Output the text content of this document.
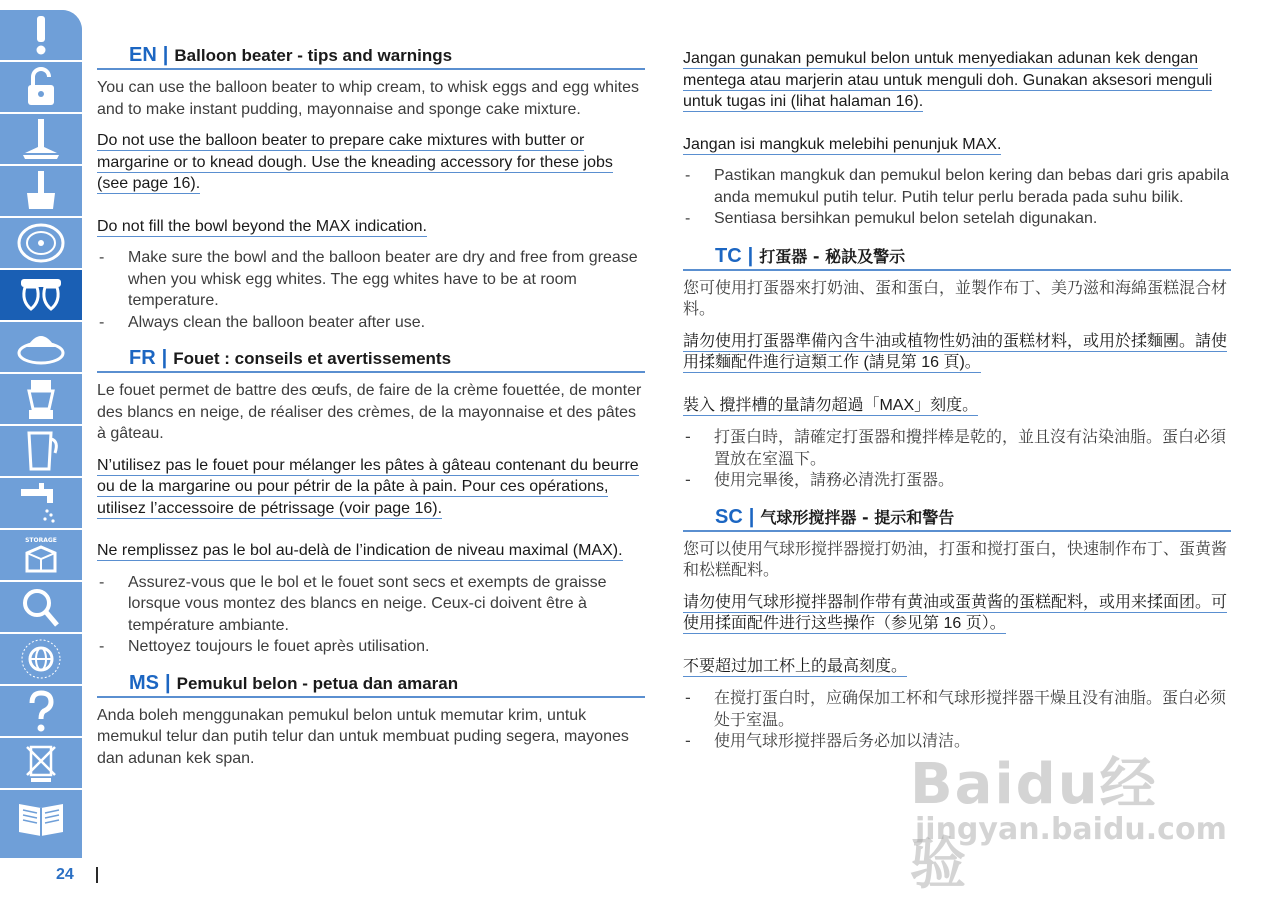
STORAGE
24
EN | Balloon beater - tips and warnings

You can use the balloon beater to whip cream, to whisk eggs and egg whites and to make instant pudding, mayonnaise and sponge cake mixture.

Do not use the balloon beater to prepare cake mixtures with butter or margarine or to knead dough. Use the kneading accessory for these jobs (see page 16).

Do not fill the bowl beyond the MAX indication.

- Make sure the bowl and the balloon beater are dry and free from grease when you whisk egg whites. The egg whites have to be at room temperature.
- Always clean the balloon beater after use.
FR | Fouet : conseils et avertissements

Le fouet permet de battre des œufs, de faire de la crème fouettée, de monter des blancs en neige, de réaliser des crèmes, de la mayonnaise et des pâtes à gâteau.

N’utilisez pas le fouet pour mélanger les pâtes à gâteau contenant du beurre ou de la margarine ou pour pétrir de la pâte à pain. Pour ces opérations, utilisez l’accessoire de pétrissage (voir page 16).

Ne remplissez pas le bol au-delà de l’indication de niveau maximal (MAX).

- Assurez-vous que le bol et le fouet sont secs et exempts de graisse lorsque vous montez des blancs en neige. Ceux-ci doivent être à température ambiante.
- Nettoyez toujours le fouet après utilisation.
MS | Pemukul belon - petua dan amaran

Anda boleh menggunakan pemukul belon untuk memutar krim, untuk memukul telur dan putih telur dan untuk membuat puding segera, mayones dan adunan kek span.

Jangan gunakan pemukul belon untuk menyediakan adunan kek dengan mentega atau marjerin atau untuk menguli doh. Gunakan aksesori menguli untuk tugas ini (lihat halaman 16).

Jangan isi mangkuk melebihi penunjuk MAX.

- Pastikan mangkuk dan pemukul belon kering dan bebas dari gris apabila anda memukul putih telur. Putih telur perlu berada pada suhu bilik.
- Sentiasa bersihkan pemukul belon setelah digunakan.
TC | 打蛋器 - 秘訣及警示

您可使用打蛋器來打奶油、蛋和蛋白，並製作布丁、美乃滋和海綿蛋糕混合材料。

請勿使用打蛋器準備內含牛油或植物性奶油的蛋糕材料，或用於揉麵團。請使用揉麵配件進行這類工作 (請見第 16 頁)。

裝入 攪拌槽的量請勿超過「MAX」刻度。

- 打蛋白時，請確定打蛋器和攪拌棒是乾的，並且沒有沾染油脂。蛋白必須置放在室溫下。
- 使用完畢後，請務必清洗打蛋器。
SC | 气球形搅拌器 - 提示和警告

您可以使用气球形搅拌器搅打奶油，打蛋和搅打蛋白，快速制作布丁、蛋黄酱和松糕配料。

请勿使用气球形搅拌器制作带有黄油或蛋黄酱的蛋糕配料，或用来揉面团。可使用揉面配件进行这些操作（参见第 16 页）。

不要超过加工杯上的最高刻度。

- 在搅打蛋白时，应确保加工杯和气球形搅拌器干燥且没有油脂。蛋白必须处于室温。
- 使用气球形搅拌器后务必加以清洁。
Baidu经验
jingyan.baidu.com
